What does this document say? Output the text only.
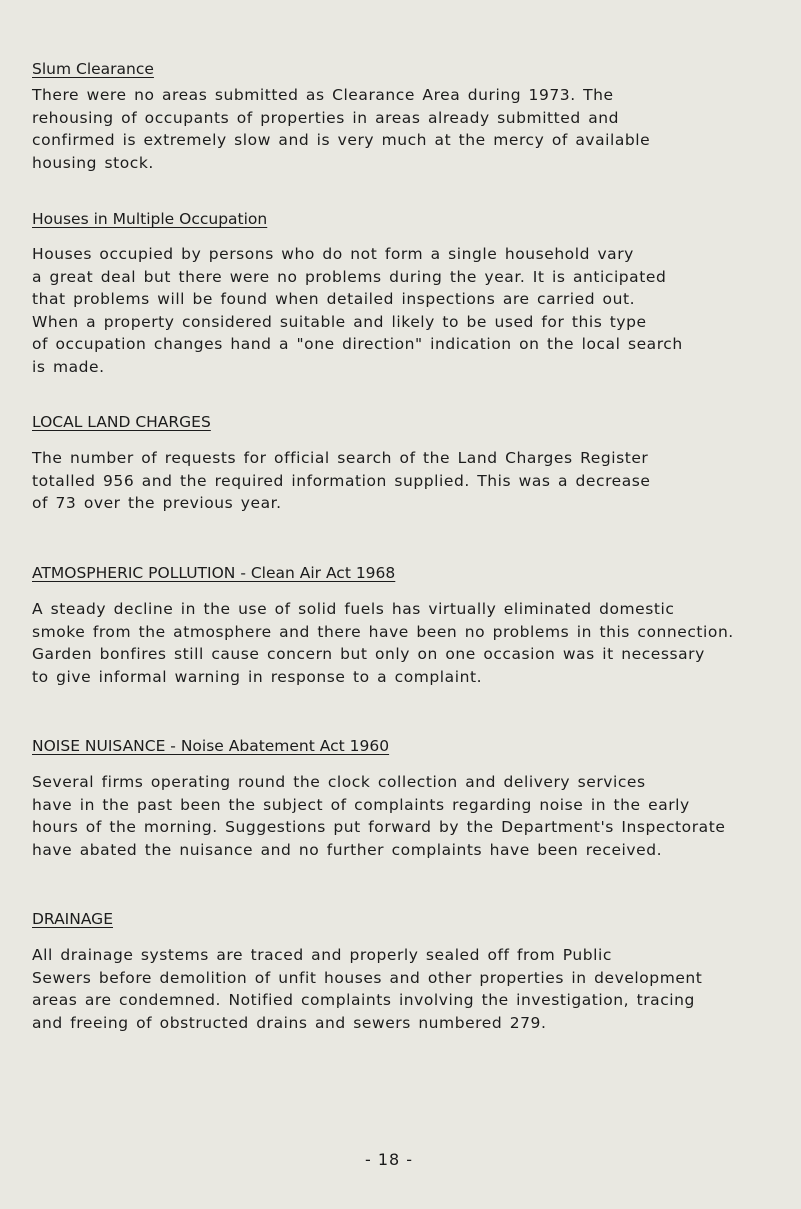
Slum Clearance
There were no areas submitted as Clearance Area during 1973. The
rehousing of occupants of properties in areas already submitted and
confirmed is extremely slow and is very much at the mercy of available
housing stock.
Houses in Multiple Occupation
Houses occupied by persons who do not form a single household vary
a great deal but there were no problems during the year. It is anticipated
that problems will be found when detailed inspections are carried out.
When a property considered suitable and likely to be used for this type
of occupation changes hand a "one direction" indication on the local search
is made.
LOCAL LAND CHARGES
The number of requests for official search of the Land Charges Register
totalled 956 and the required information supplied. This was a decrease
of 73 over the previous year.
ATMOSPHERIC POLLUTION - Clean Air Act 1968
A steady decline in the use of solid fuels has virtually eliminated domestic
smoke from the atmosphere and there have been no problems in this connection.
Garden bonfires still cause concern but only on one occasion was it necessary
to give informal warning in response to a complaint.
NOISE NUISANCE - Noise Abatement Act 1960
Several firms operating round the clock collection and delivery services
have in the past been the subject of complaints regarding noise in the early
hours of the morning. Suggestions put forward by the Department's Inspectorate
have abated the nuisance and no further complaints have been received.
DRAINAGE
All drainage systems are traced and properly sealed off from Public
Sewers before demolition of unfit houses and other properties in development
areas are condemned. Notified complaints involving the investigation, tracing
and freeing of obstructed drains and sewers numbered 279.
- 18 -
